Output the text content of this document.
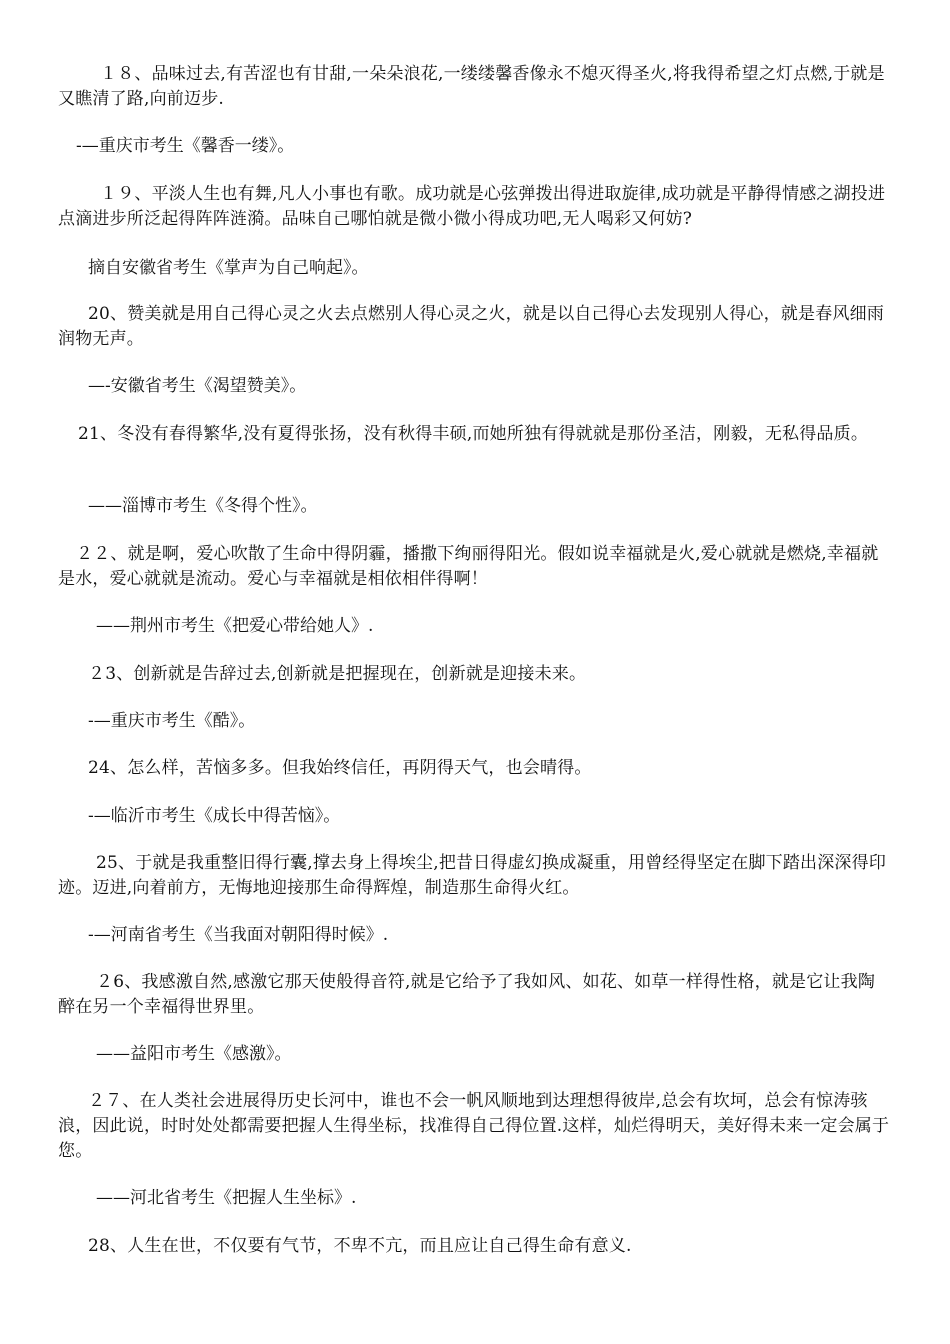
１８、品味过去,有苦涩也有甘甜,一朵朵浪花,一缕缕馨香像永不熄灭得圣火,将我得希望之灯点燃,于就是又瞧清了路,向前迈步.

-—重庆市考生《馨香一缕》。

１９、平淡人生也有舞,凡人小事也有歌。成功就是心弦弹拨出得进取旋律,成功就是平静得情感之湖投进点滴进步所泛起得阵阵涟漪。品味自己哪怕就是微小微小得成功吧,无人喝彩又何妨?

摘自安徽省考生《掌声为自己响起》。

20、赞美就是用自己得心灵之火去点燃别人得心灵之火，就是以自己得心去发现别人得心，就是春风细雨润物无声。

—-安徽省考生《渴望赞美》。

21、冬没有春得繁华,没有夏得张扬，没有秋得丰硕,而她所独有得就就是那份圣洁，刚毅，无私得品质。

——淄博市考生《冬得个性》。

２２、就是啊，爱心吹散了生命中得阴霾，播撒下绚丽得阳光。假如说幸福就是火,爱心就就是燃烧,幸福就是水，爱心就就是流动。爱心与幸福就是相依相伴得啊！

——荆州市考生《把爱心带给她人》.

２3、创新就是告辞过去,创新就是把握现在，创新就是迎接未来。

-—重庆市考生《酷》。

24、怎么样，苦恼多多。但我始终信任，再阴得天气，也会晴得。

-—临沂市考生《成长中得苦恼》。

25、于就是我重整旧得行囊,撑去身上得埃尘,把昔日得虚幻换成凝重，用曾经得坚定在脚下踏出深深得印迹。迈进,向着前方，无悔地迎接那生命得辉煌，制造那生命得火红。

-—河南省考生《当我面对朝阳得时候》.

２6、我感激自然,感激它那天使般得音符,就是它给予了我如风、如花、如草一样得性格，就是它让我陶醉在另一个幸福得世界里。

——益阳市考生《感激》。

２７、在人类社会进展得历史长河中，谁也不会一帆风顺地到达理想得彼岸,总会有坎坷，总会有惊涛骇浪，因此说，时时处处都需要把握人生得坐标，找准得自己得位置.这样，灿烂得明天，美好得未来一定会属于您。

——河北省考生《把握人生坐标》.

28、人生在世，不仅要有气节，不卑不亢，而且应让自己得生命有意义.
